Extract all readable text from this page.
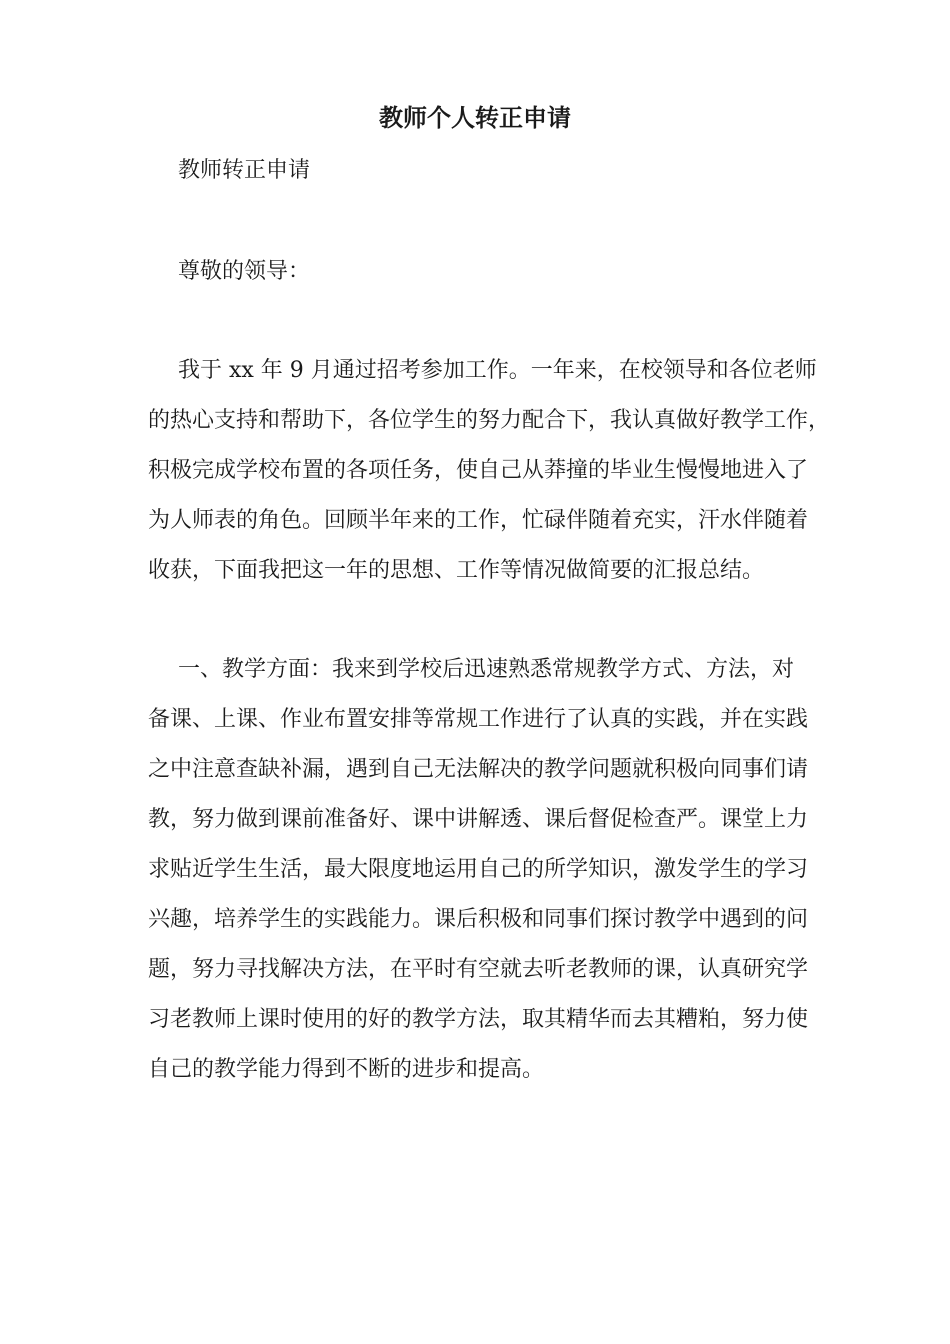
教师个人转正申请
教师转正申请
尊敬的领导：
我于 xx 年 9 月通过招考参加工作。一年来，在校领导和各位老师
的热心支持和帮助下，各位学生的努力配合下，我认真做好教学工作，
积极完成学校布置的各项任务，使自己从莽撞的毕业生慢慢地进入了
为人师表的角色。回顾半年来的工作，忙碌伴随着充实，汗水伴随着
收获，下面我把这一年的思想、工作等情况做简要的汇报总结。
一、教学方面：我来到学校后迅速熟悉常规教学方式、方法，对
备课、上课、作业布置安排等常规工作进行了认真的实践，并在实践
之中注意查缺补漏，遇到自己无法解决的教学问题就积极向同事们请
教，努力做到课前准备好、课中讲解透、课后督促检查严。课堂上力
求贴近学生生活，最大限度地运用自己的所学知识，激发学生的学习
兴趣，培养学生的实践能力。课后积极和同事们探讨教学中遇到的问
题，努力寻找解决方法，在平时有空就去听老教师的课，认真研究学
习老教师上课时使用的好的教学方法，取其精华而去其糟粕，努力使
自己的教学能力得到不断的进步和提高。
